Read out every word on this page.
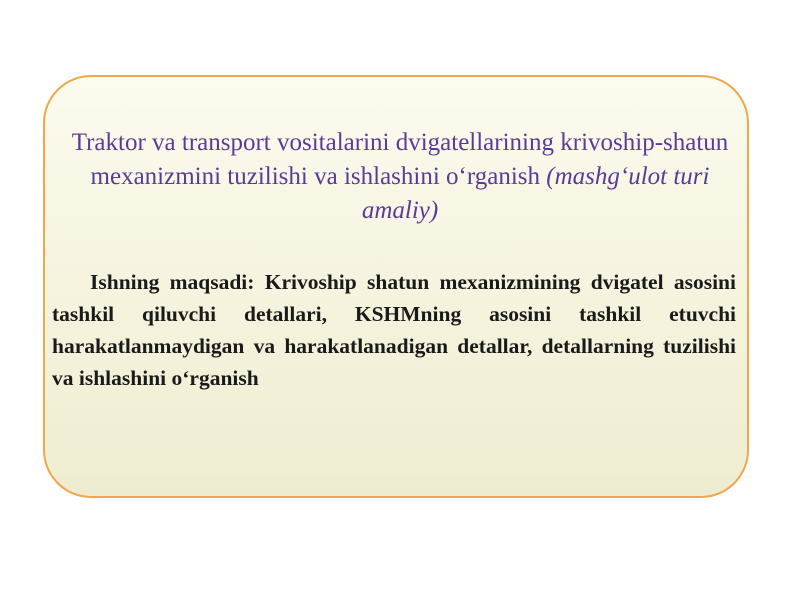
Traktor va transport vositalarini dvigatellarining krivoship-shatun mexanizmini tuzilishi va ishlashini o‘rganish (mashg‘ulot turi amaliy)

Ishning maqsadi: Krivoship shatun mexanizmining dvigatel asosini tashkil qiluvchi detallari, KSHMning asosini tashkil etuvchi harakatlanmaydigan va harakatlanadigan detallar, detallarning tuzilishi va ishlashini o‘rganish
